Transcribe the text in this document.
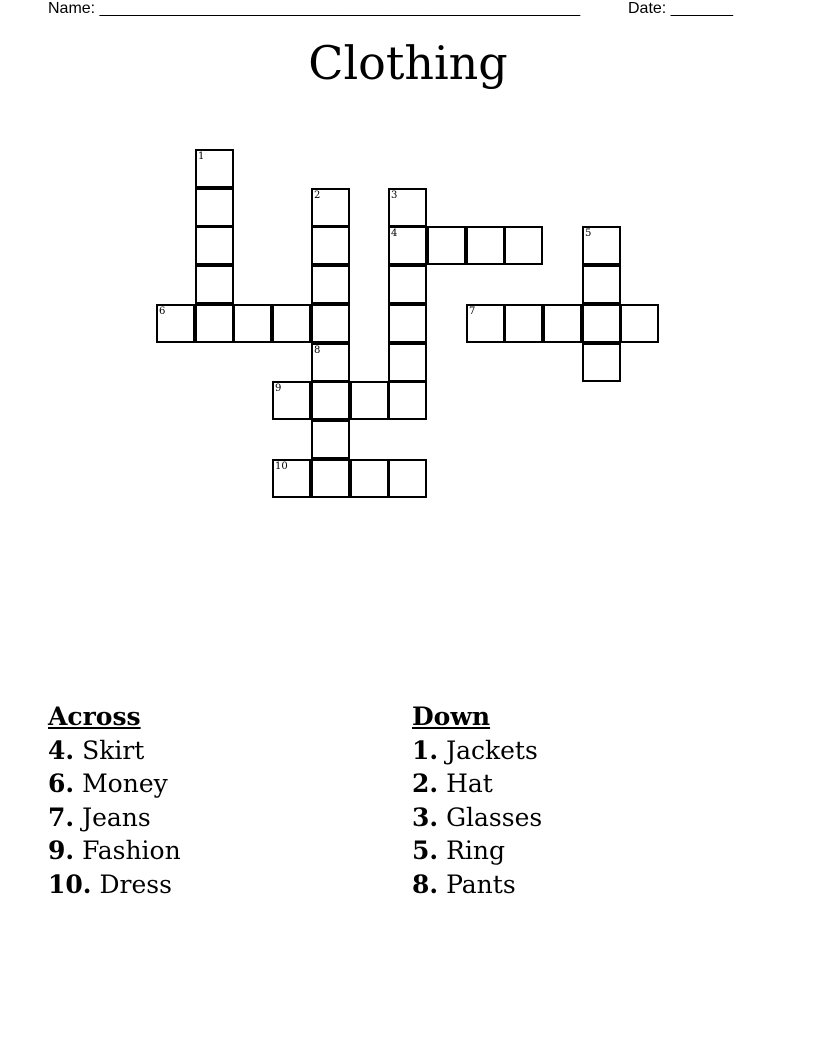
Name: ______________________________________________________	Date: _______
Clothing
1
2	3
4	5
6	7
8
9
10
Across
4. Skirt
6. Money
7. Jeans
9. Fashion
10. Dress
Down
1. Jackets
2. Hat
3. Glasses
5. Ring
8. Pants
